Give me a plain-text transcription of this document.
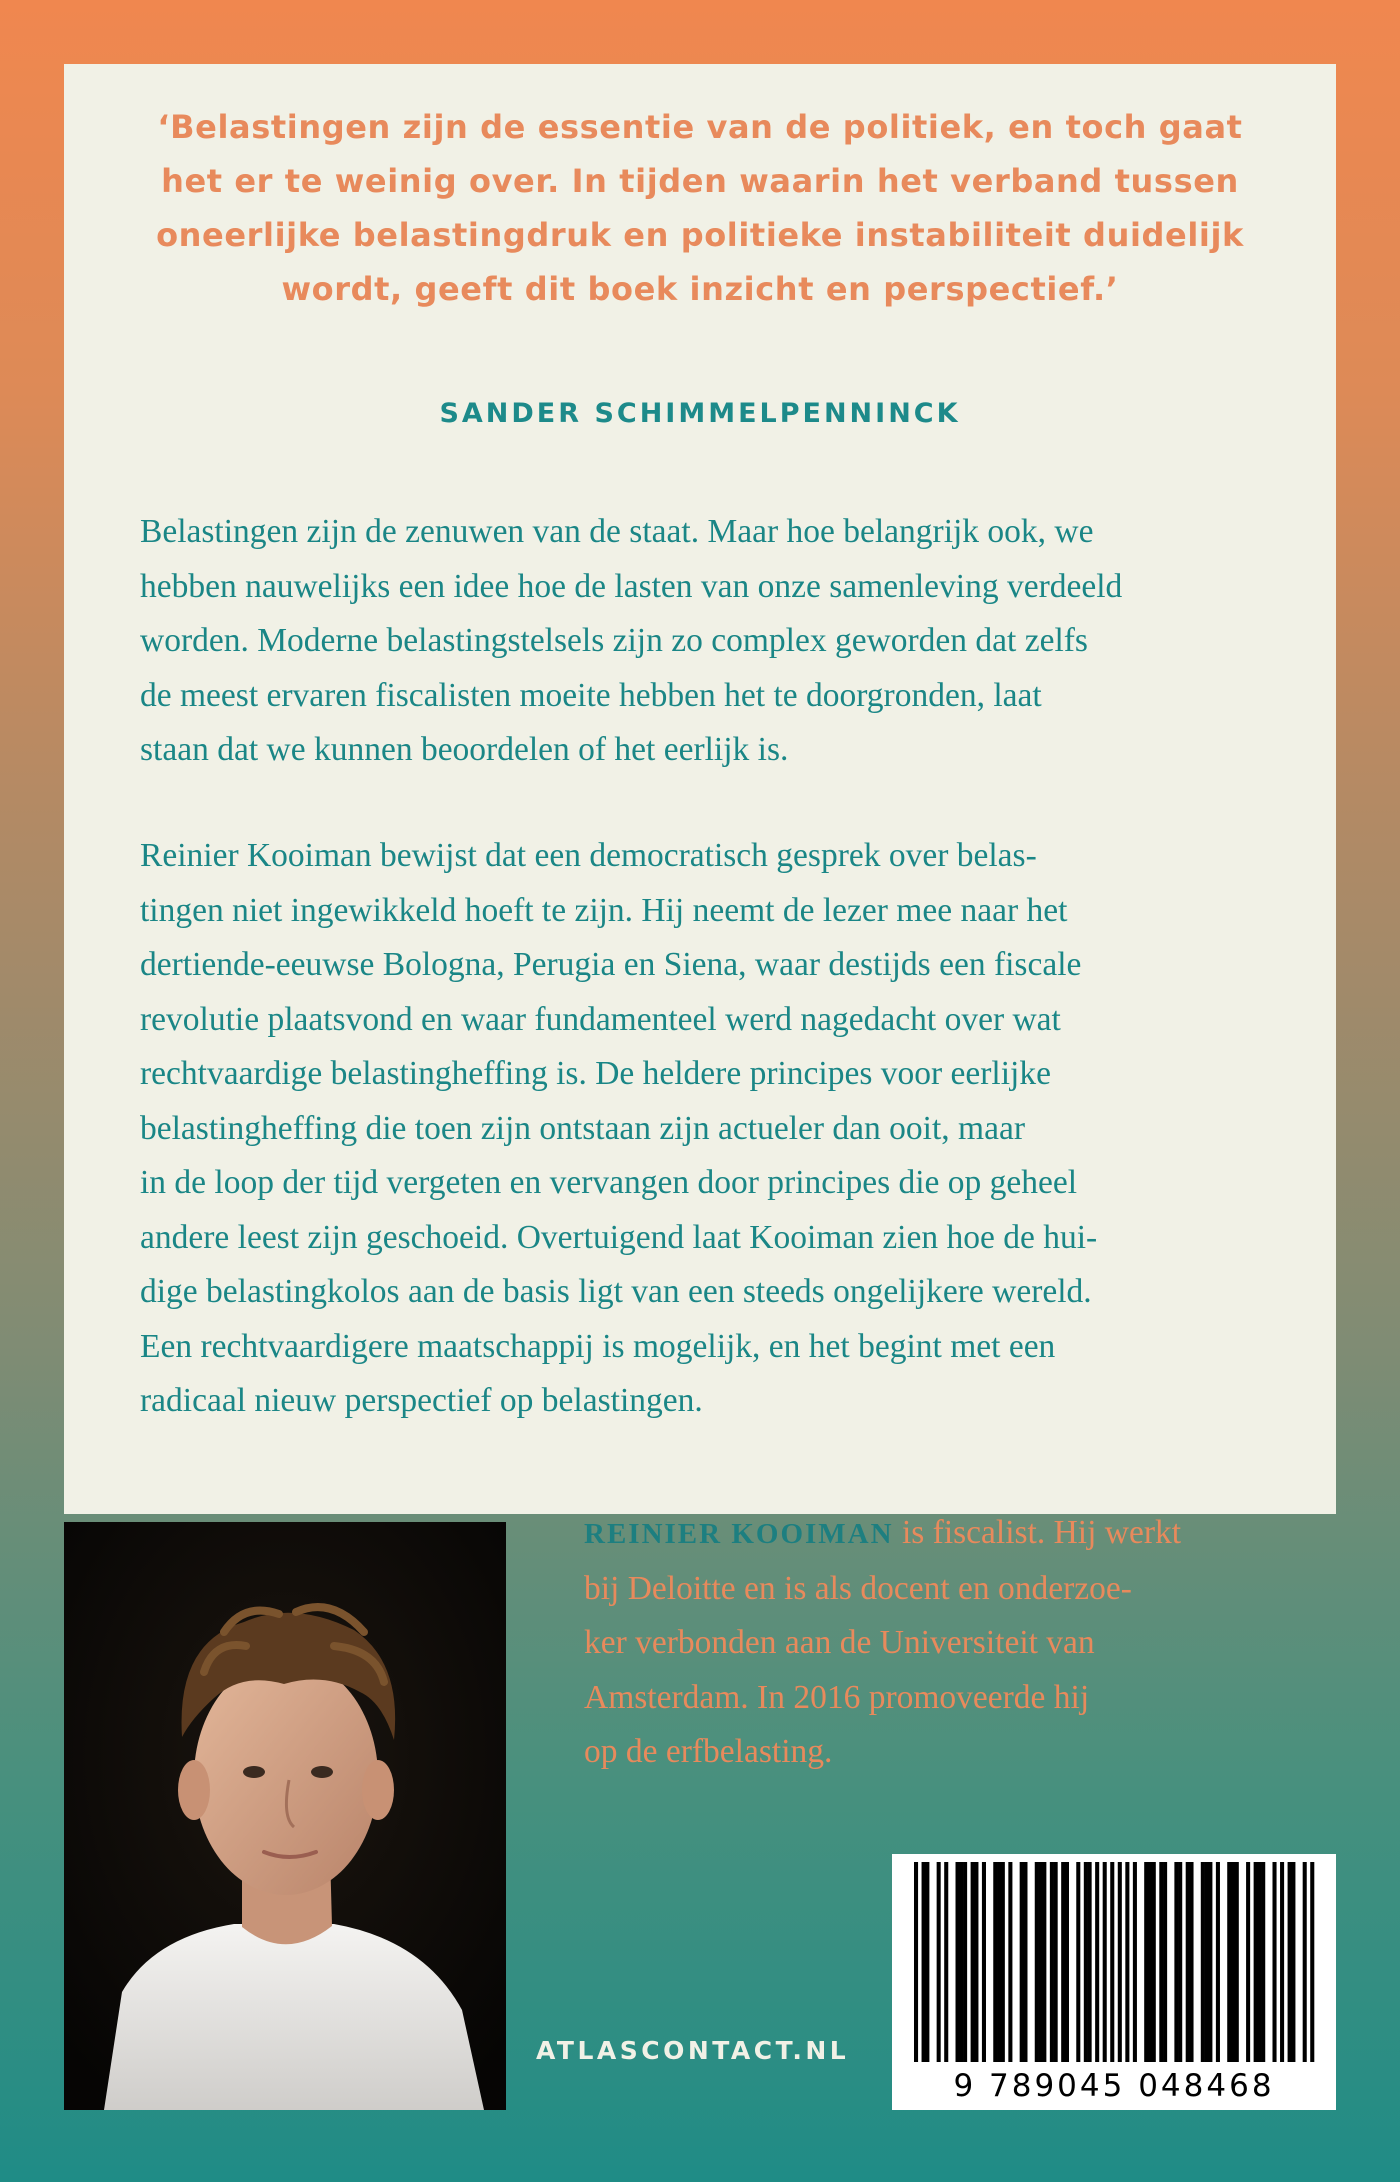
‘Belastingen zijn de essentie van de politiek, en toch gaat
het er te weinig over. In tijden waarin het verband tussen
oneerlijke belastingdruk en politieke instabiliteit duidelijk
wordt, geeft dit boek inzicht en perspectief.’
SANDER SCHIMMELPENNINCK

Belastingen zijn de zenuwen van de staat. Maar hoe belangrijk ook, we
hebben nauwelijks een idee hoe de lasten van onze samenleving verdeeld
worden. Moderne belastingstelsels zijn zo complex geworden dat zelfs
de meest ervaren fiscalisten moeite hebben het te doorgronden, laat
staan dat we kunnen beoordelen of het eerlijk is.

Reinier Kooiman bewijst dat een democratisch gesprek over belas-
tingen niet ingewikkeld hoeft te zijn. Hij neemt de lezer mee naar het
dertiende-eeuwse Bologna, Perugia en Siena, waar destijds een fiscale
revolutie plaatsvond en waar fundamenteel werd nagedacht over wat
rechtvaardige belastingheffing is. De heldere principes voor eerlijke
belastingheffing die toen zijn ontstaan zijn actueler dan ooit, maar
in de loop der tijd vergeten en vervangen door principes die op geheel
andere leest zijn geschoeid. Overtuigend laat Kooiman zien hoe de hui-
dige belastingkolos aan de basis ligt van een steeds ongelijkere wereld.
Een rechtvaardigere maatschappij is mogelijk, en het begint met een
radicaal nieuw perspectief op belastingen.

REINIER KOOIMAN is fiscalist. Hij werkt
bij Deloitte en is als docent en onderzoe-
ker verbonden aan de Universiteit van
Amsterdam. In 2016 promoveerde hij
op de erfbelasting.

ATLASCONTACT.NL
9 789045 048468
